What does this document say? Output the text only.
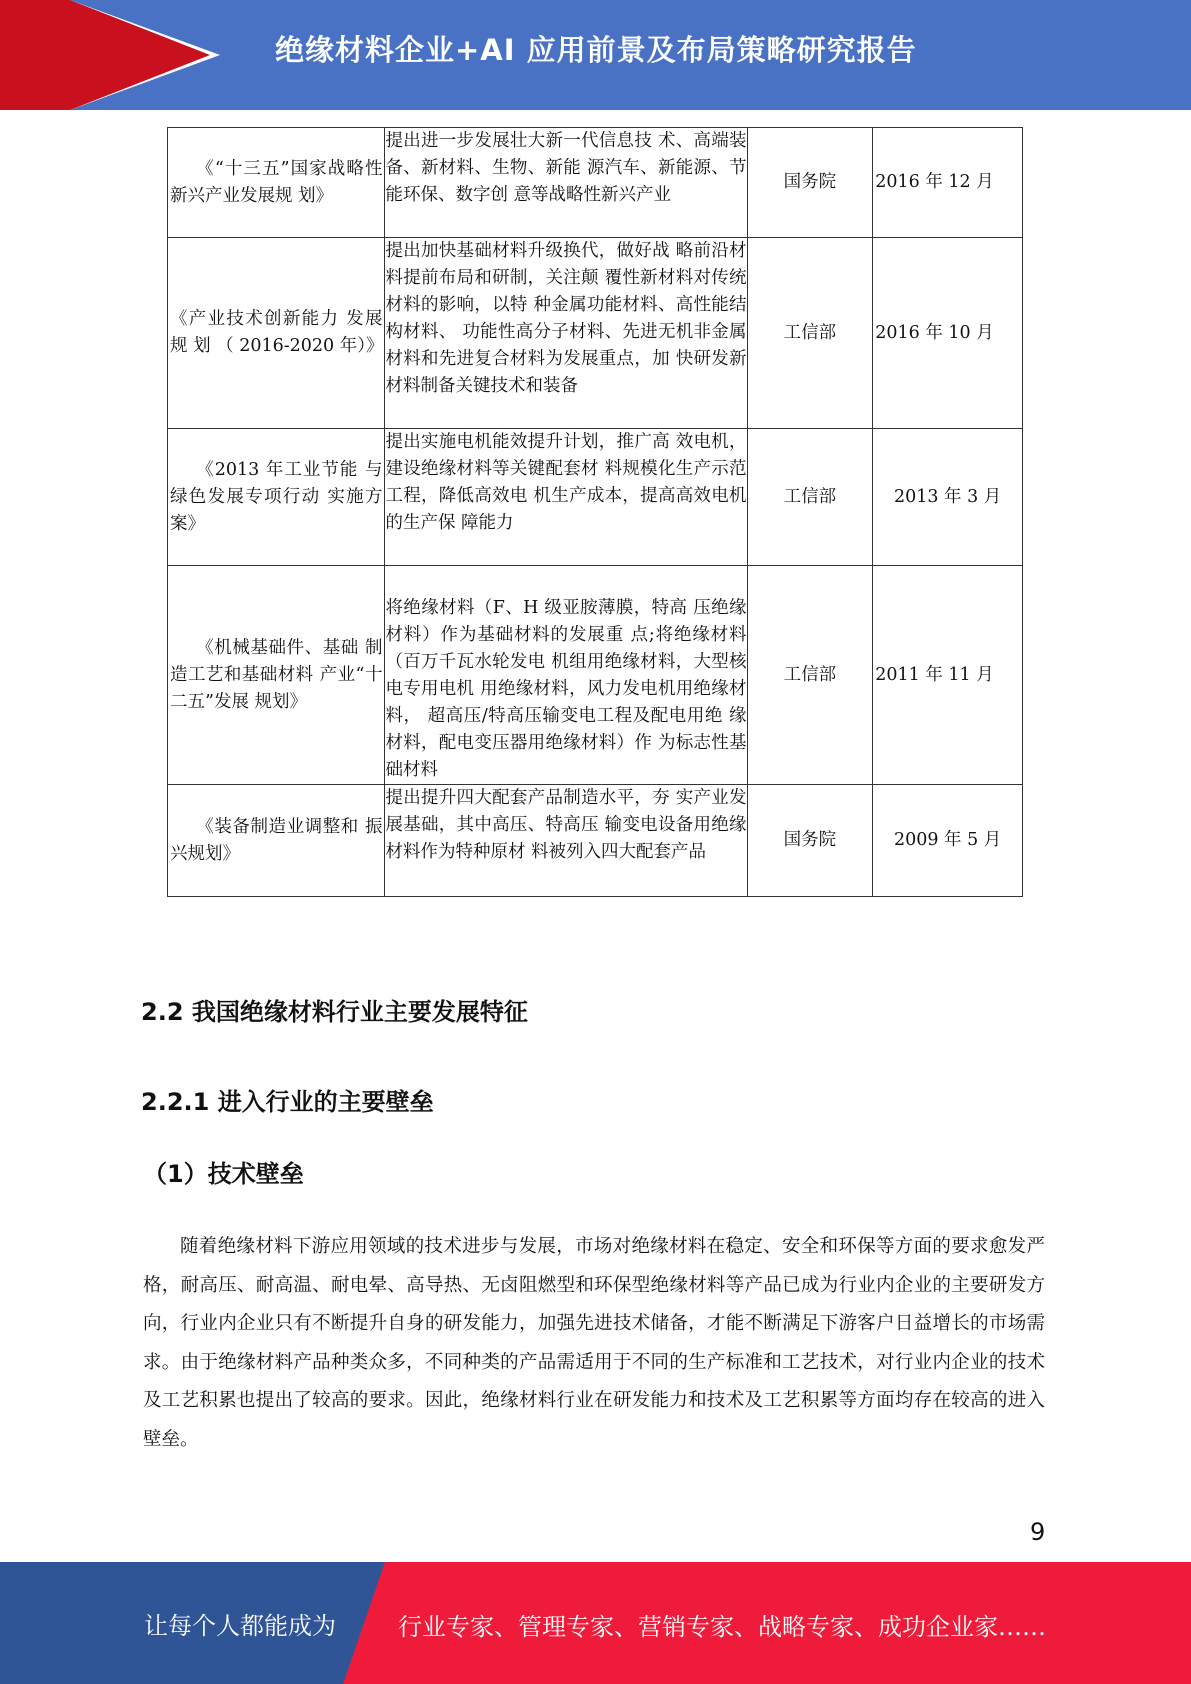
绝缘材料企业+AI 应用前景及布局策略研究报告
《“十三五”国家战略性新兴产业发展规 划》	提出进一步发展壮大新一代信息技 术、高端装备、新材料、生物、新能 源汽车、新能源、节能环保、数字创 意等战略性新兴产业	国务院	2016 年 12 月
《产业技术创新能力 发展 规 划 （ 2016-2020 年）》	提出加快基础材料升级换代，做好战 略前沿材料提前布局和研制，关注颠 覆性新材料对传统材料的影响，以特 种金属功能材料、高性能结构材料、 功能性高分子材料、先进无机非金属 材料和先进复合材料为发展重点，加 快研发新材料制备关键技术和装备	工信部	2016 年 10 月

《2013 年工业节能 与绿色发展专项行动 实施方案》	提出实施电机能效提升计划，推广高 效电机，建设绝缘材料等关键配套材 料规模化生产示范工程，降低高效电 机生产成本，提高高效电机的生产保 障能力	工信部	2013 年 3 月

《机械基础件、基础 制造工艺和基础材料 产业“十二五”发展 规划》	将绝缘材料（F、H 级亚胺薄膜，特高 压绝缘材料）作为基础材料的发展重 点;将绝缘材料（百万千瓦水轮发电 机组用绝缘材料，大型核电专用电机 用绝缘材料，风力发电机用绝缘材料， 超高压/特高压输变电工程及配电用绝 缘材料，配电变压器用绝缘材料）作 为标志性基础材料	工信部	2011 年 11 月

《装备制造业调整和 振兴规划》	提出提升四大配套产品制造水平，夯 实产业发展基础，其中高压、特高压 输变电设备用绝缘材料作为特种原材 料被列入四大配套产品	国务院	2009 年 5 月
2.2 我国绝缘材料行业主要发展特征
2.2.1 进入行业的主要壁垒
（1）技术壁垒
随着绝缘材料下游应用领域的技术进步与发展，市场对绝缘材料在稳定、安全和环保等方面的要求愈发严格，耐高压、耐高温、耐电晕、高导热、无卤阻燃型和环保型绝缘材料等产品已成为行业内企业的主要研发方向，行业内企业只有不断提升自身的研发能力，加强先进技术储备，才能不断满足下游客户日益增长的市场需求。由于绝缘材料产品种类众多，不同种类的产品需适用于不同的生产标准和工艺技术，对行业内企业的技术及工艺积累也提出了较高的要求。因此，绝缘材料行业在研发能力和技术及工艺积累等方面均存在较高的进入壁垒。
9
让每个人都能成为	行业专家、管理专家、营销专家、战略专家、成功企业家……
